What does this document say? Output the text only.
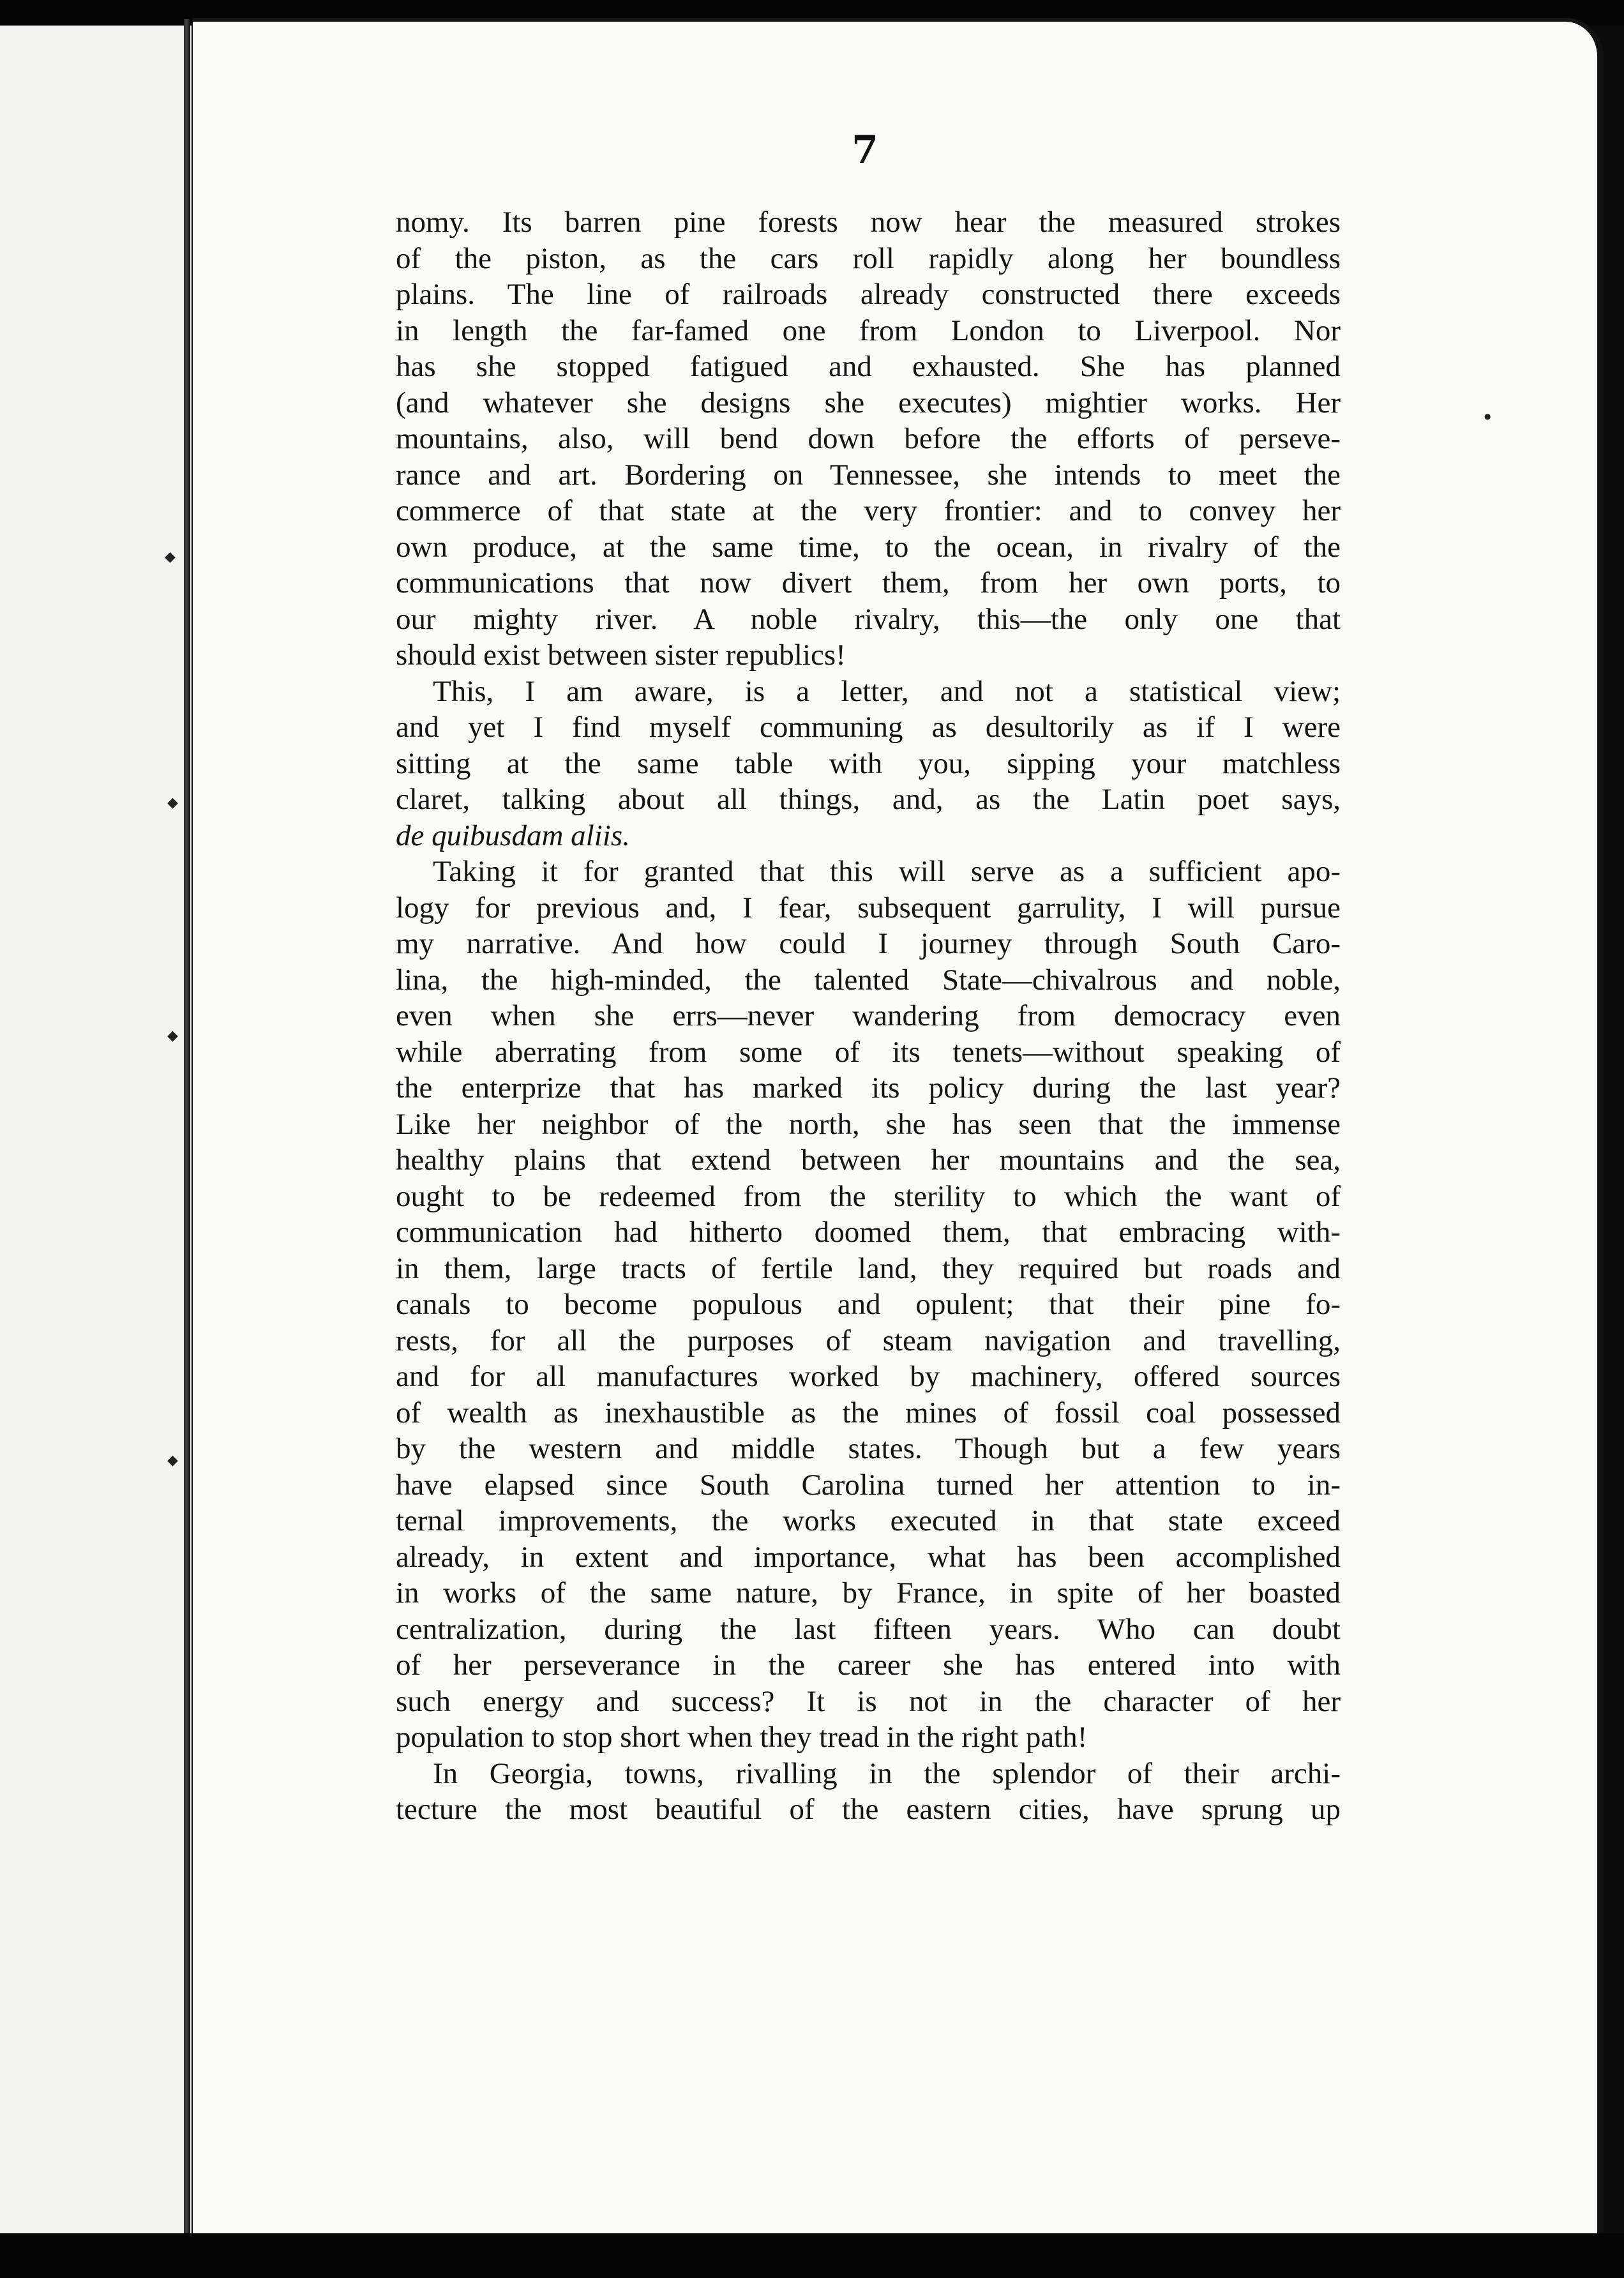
7
nomy. Its barren pine forests now hear the measured strokes
of the piston, as the cars roll rapidly along her boundless
plains. The line of railroads already constructed there exceeds
in length the far-famed one from London to Liverpool. Nor
has she stopped fatigued and exhausted. She has planned
(and whatever she designs she executes) mightier works. Her
mountains, also, will bend down before the efforts of perseve-
rance and art. Bordering on Tennessee, she intends to meet the
commerce of that state at the very frontier: and to convey her
own produce, at the same time, to the ocean, in rivalry of the
communications that now divert them, from her own ports, to
our mighty river. A noble rivalry, this—the only one that
should exist between sister republics!
This, I am aware, is a letter, and not a statistical view;
and yet I find myself communing as desultorily as if I were
sitting at the same table with you, sipping your matchless
claret, talking about all things, and, as the Latin poet says,
de quibusdam aliis.
Taking it for granted that this will serve as a sufficient apo-
logy for previous and, I fear, subsequent garrulity, I will pursue
my narrative. And how could I journey through South Caro-
lina, the high-minded, the talented State—chivalrous and noble,
even when she errs—never wandering from democracy even
while aberrating from some of its tenets—without speaking of
the enterprize that has marked its policy during the last year?
Like her neighbor of the north, she has seen that the immense
healthy plains that extend between her mountains and the sea,
ought to be redeemed from the sterility to which the want of
communication had hitherto doomed them, that embracing with-
in them, large tracts of fertile land, they required but roads and
canals to become populous and opulent; that their pine fo-
rests, for all the purposes of steam navigation and travelling,
and for all manufactures worked by machinery, offered sources
of wealth as inexhaustible as the mines of fossil coal possessed
by the western and middle states. Though but a few years
have elapsed since South Carolina turned her attention to in-
ternal improvements, the works executed in that state exceed
already, in extent and importance, what has been accomplished
in works of the same nature, by France, in spite of her boasted
centralization, during the last fifteen years. Who can doubt
of her perseverance in the career she has entered into with
such energy and success? It is not in the character of her
population to stop short when they tread in the right path!
In Georgia, towns, rivalling in the splendor of their archi-
tecture the most beautiful of the eastern cities, have sprung up
◆
◆
◆
◆
●
